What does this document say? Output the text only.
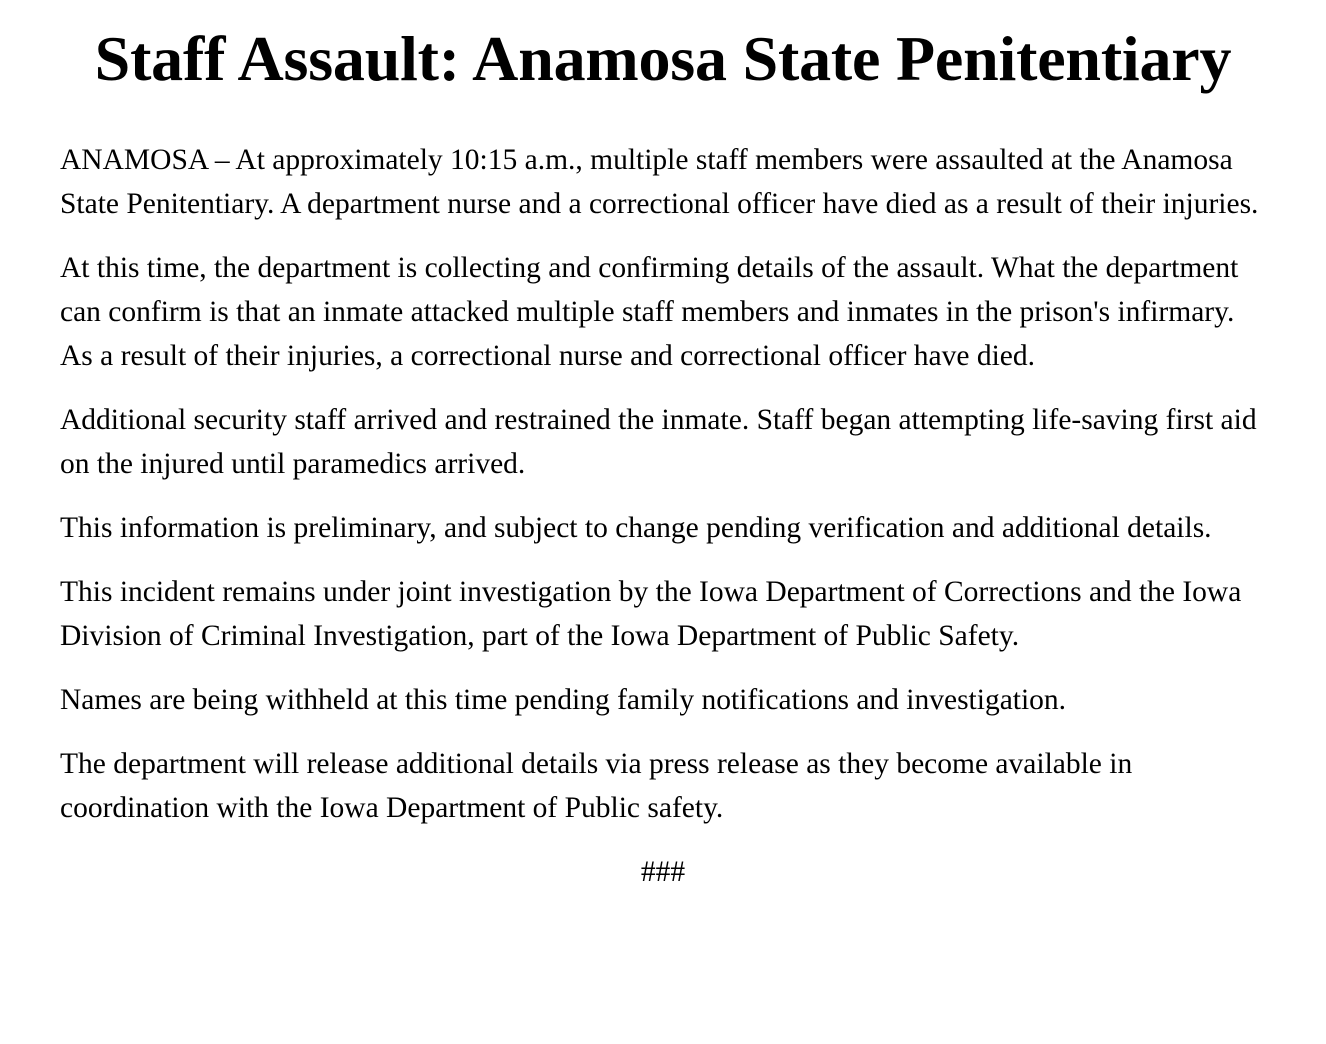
Staff Assault: Anamosa State Penitentiary

ANAMOSA – At approximately 10:15 a.m., multiple staff members were assaulted at the Anamosa State Penitentiary. A department nurse and a correctional officer have died as a result of their injuries.

At this time, the department is collecting and confirming details of the assault. What the department can confirm is that an inmate attacked multiple staff members and inmates in the prison's infirmary. As a result of their injuries, a correctional nurse and correctional officer have died.

Additional security staff arrived and restrained the inmate. Staff began attempting life-saving first aid on the injured until paramedics arrived.

This information is preliminary, and subject to change pending verification and additional details.

This incident remains under joint investigation by the Iowa Department of Corrections and the Iowa Division of Criminal Investigation, part of the Iowa Department of Public Safety.

Names are being withheld at this time pending family notifications and investigation.

The department will release additional details via press release as they become available in coordination with the Iowa Department of Public safety.

###
